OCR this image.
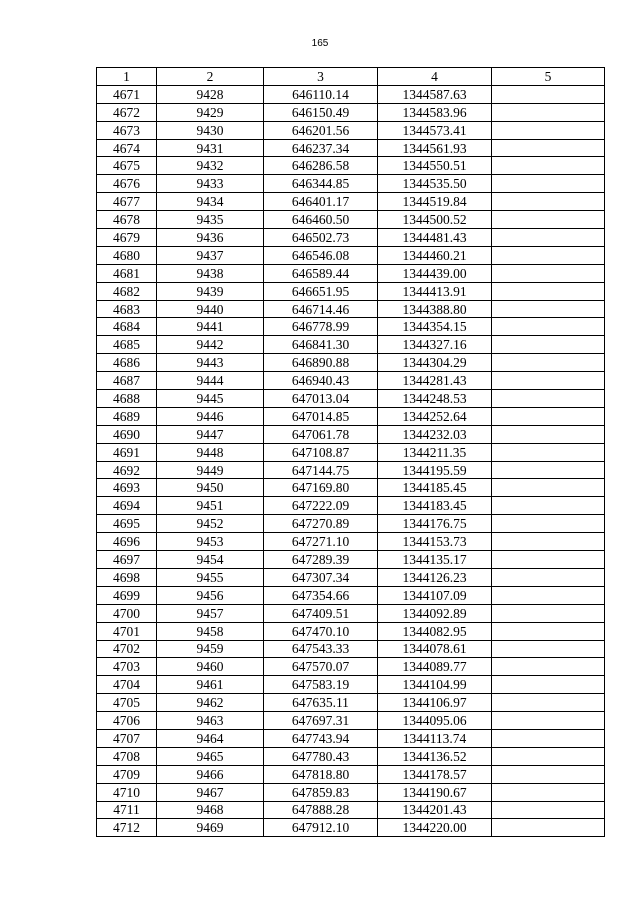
165
1	2	3	4	5
4671	9428	646110.14	1344587.63	
4672	9429	646150.49	1344583.96	
4673	9430	646201.56	1344573.41	
4674	9431	646237.34	1344561.93	
4675	9432	646286.58	1344550.51	
4676	9433	646344.85	1344535.50	
4677	9434	646401.17	1344519.84	
4678	9435	646460.50	1344500.52	
4679	9436	646502.73	1344481.43	
4680	9437	646546.08	1344460.21	
4681	9438	646589.44	1344439.00	
4682	9439	646651.95	1344413.91	
4683	9440	646714.46	1344388.80	
4684	9441	646778.99	1344354.15	
4685	9442	646841.30	1344327.16	
4686	9443	646890.88	1344304.29	
4687	9444	646940.43	1344281.43	
4688	9445	647013.04	1344248.53	
4689	9446	647014.85	1344252.64	
4690	9447	647061.78	1344232.03	
4691	9448	647108.87	1344211.35	
4692	9449	647144.75	1344195.59	
4693	9450	647169.80	1344185.45	
4694	9451	647222.09	1344183.45	
4695	9452	647270.89	1344176.75	
4696	9453	647271.10	1344153.73	
4697	9454	647289.39	1344135.17	
4698	9455	647307.34	1344126.23	
4699	9456	647354.66	1344107.09	
4700	9457	647409.51	1344092.89	
4701	9458	647470.10	1344082.95	
4702	9459	647543.33	1344078.61	
4703	9460	647570.07	1344089.77	
4704	9461	647583.19	1344104.99	
4705	9462	647635.11	1344106.97	
4706	9463	647697.31	1344095.06	
4707	9464	647743.94	1344113.74	
4708	9465	647780.43	1344136.52	
4709	9466	647818.80	1344178.57	
4710	9467	647859.83	1344190.67	
4711	9468	647888.28	1344201.43	
4712	9469	647912.10	1344220.00	
